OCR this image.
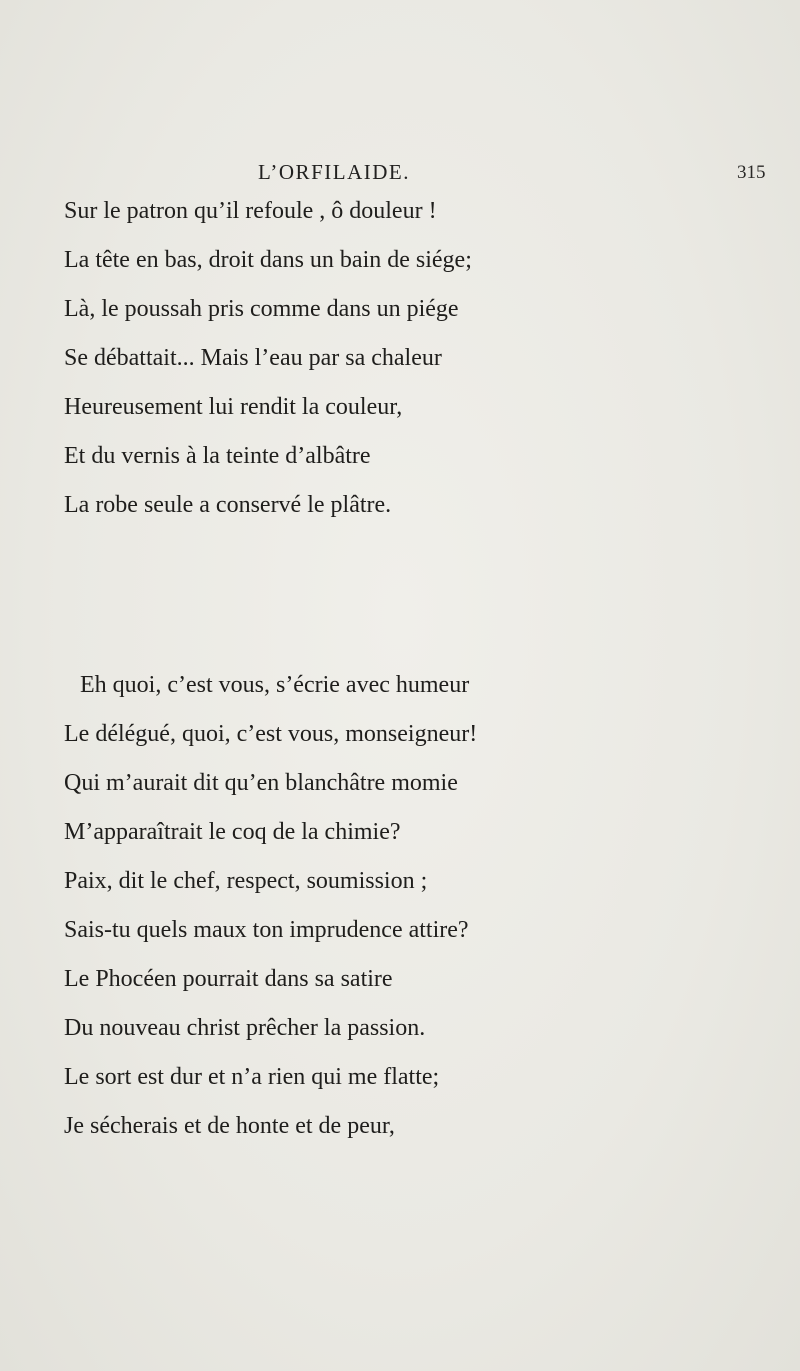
L’ORFILAIDE.	315
Sur le patron qu’il refoule , ô douleur !
La tête en bas, droit dans un bain de siége;
Là, le poussah pris comme dans un piége
Se débattait... Mais l’eau par sa chaleur
Heureusement lui rendit la couleur,
Et du vernis à la teinte d’albâtre
La robe seule a conservé le plâtre.
Eh quoi, c’est vous, s’écrie avec humeur
Le délégué, quoi, c’est vous, monseigneur!
Qui m’aurait dit qu’en blanchâtre momie
M’apparaîtrait le coq de la chimie?
Paix, dit le chef, respect, soumission ;
Sais-tu quels maux ton imprudence attire?
Le Phocéen pourrait dans sa satire
Du nouveau christ prêcher la passion.
Le sort est dur et n’a rien qui me flatte;
Je sécherais et de honte et de peur,
